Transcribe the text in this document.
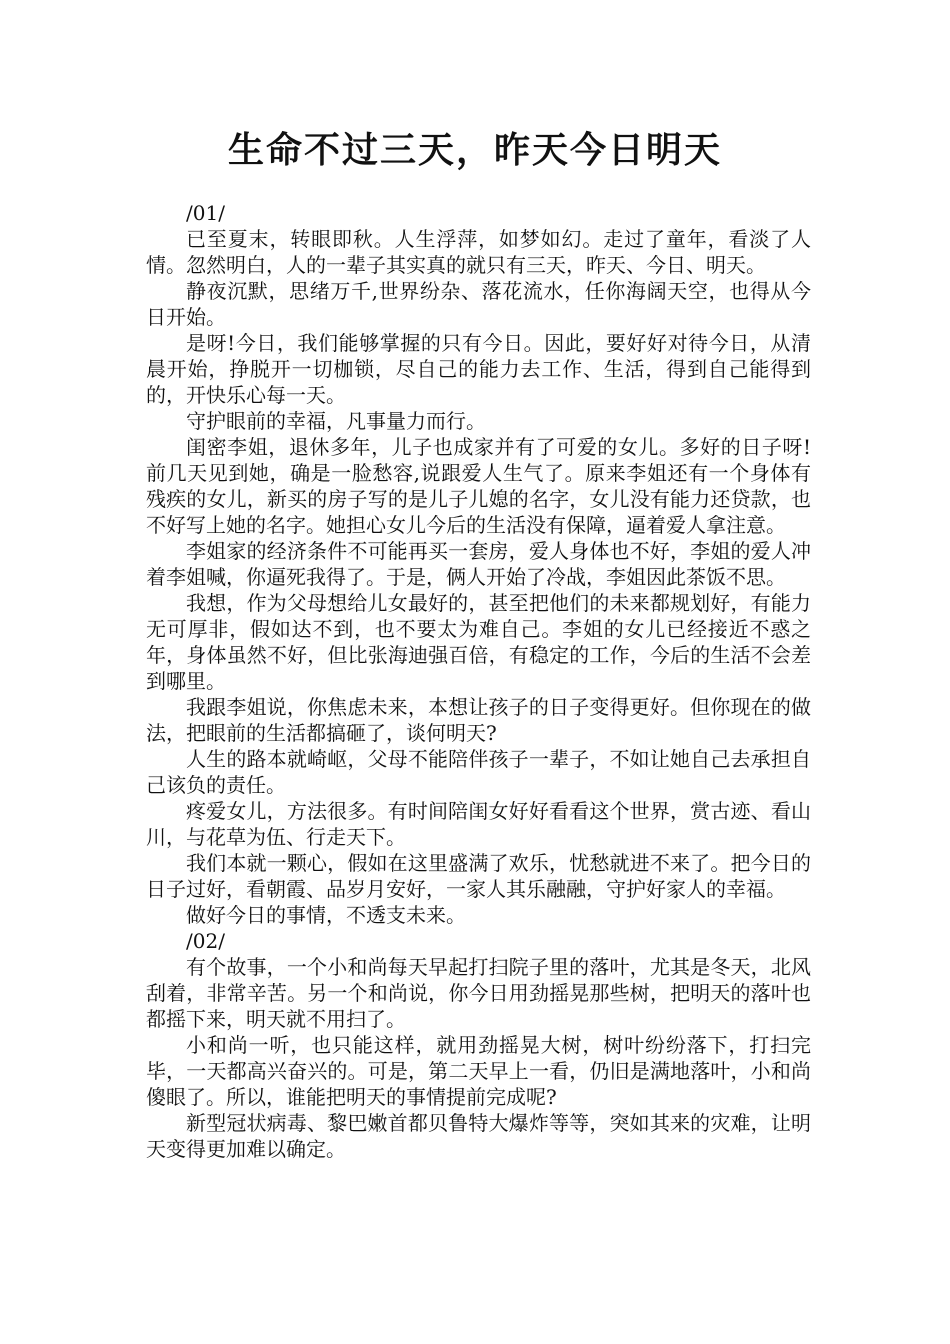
生命不过三天，昨天今日明天

/01/

已至夏末，转眼即秋。人生浮萍，如梦如幻。走过了童年，看淡了人情。忽然明白，人的一辈子其实真的就只有三天，昨天、今日、明天。

静夜沉默，思绪万千,世界纷杂、落花流水，任你海阔天空，也得从今日开始。

是呀!今日，我们能够掌握的只有今日。因此，要好好对待今日，从清晨开始，挣脱开一切枷锁，尽自己的能力去工作、生活，得到自己能得到的，开快乐心每一天。

守护眼前的幸福，凡事量力而行。

闺密李姐，退休多年，儿子也成家并有了可爱的女儿。多好的日子呀!前几天见到她，确是一脸愁容,说跟爱人生气了。原来李姐还有一个身体有残疾的女儿，新买的房子写的是儿子儿媳的名字，女儿没有能力还贷款，也不好写上她的名字。她担心女儿今后的生活没有保障，逼着爱人拿注意。

李姐家的经济条件不可能再买一套房，爱人身体也不好，李姐的爱人冲着李姐喊，你逼死我得了。于是，俩人开始了冷战，李姐因此茶饭不思。

我想，作为父母想给儿女最好的，甚至把他们的未来都规划好，有能力无可厚非，假如达不到，也不要太为难自己。李姐的女儿已经接近不惑之年，身体虽然不好，但比张海迪强百倍，有稳定的工作，今后的生活不会差到哪里。

我跟李姐说，你焦虑未来，本想让孩子的日子变得更好。但你现在的做法，把眼前的生活都搞砸了，谈何明天?

人生的路本就崎岖，父母不能陪伴孩子一辈子，不如让她自己去承担自己该负的责任。

疼爱女儿，方法很多。有时间陪闺女好好看看这个世界，赏古迹、看山川，与花草为伍、行走天下。

我们本就一颗心，假如在这里盛满了欢乐，忧愁就进不来了。把今日的日子过好，看朝霞、品岁月安好，一家人其乐融融，守护好家人的幸福。

做好今日的事情，不透支未来。

/02/

有个故事，一个小和尚每天早起打扫院子里的落叶，尤其是冬天，北风刮着，非常辛苦。另一个和尚说，你今日用劲摇晃那些树，把明天的落叶也都摇下来，明天就不用扫了。

小和尚一听，也只能这样，就用劲摇晃大树，树叶纷纷落下，打扫完毕，一天都高兴奋兴的。可是，第二天早上一看，仍旧是满地落叶，小和尚傻眼了。所以，谁能把明天的事情提前完成呢?

新型冠状病毒、黎巴嫩首都贝鲁特大爆炸等等，突如其来的灾难，让明天变得更加难以确定。
